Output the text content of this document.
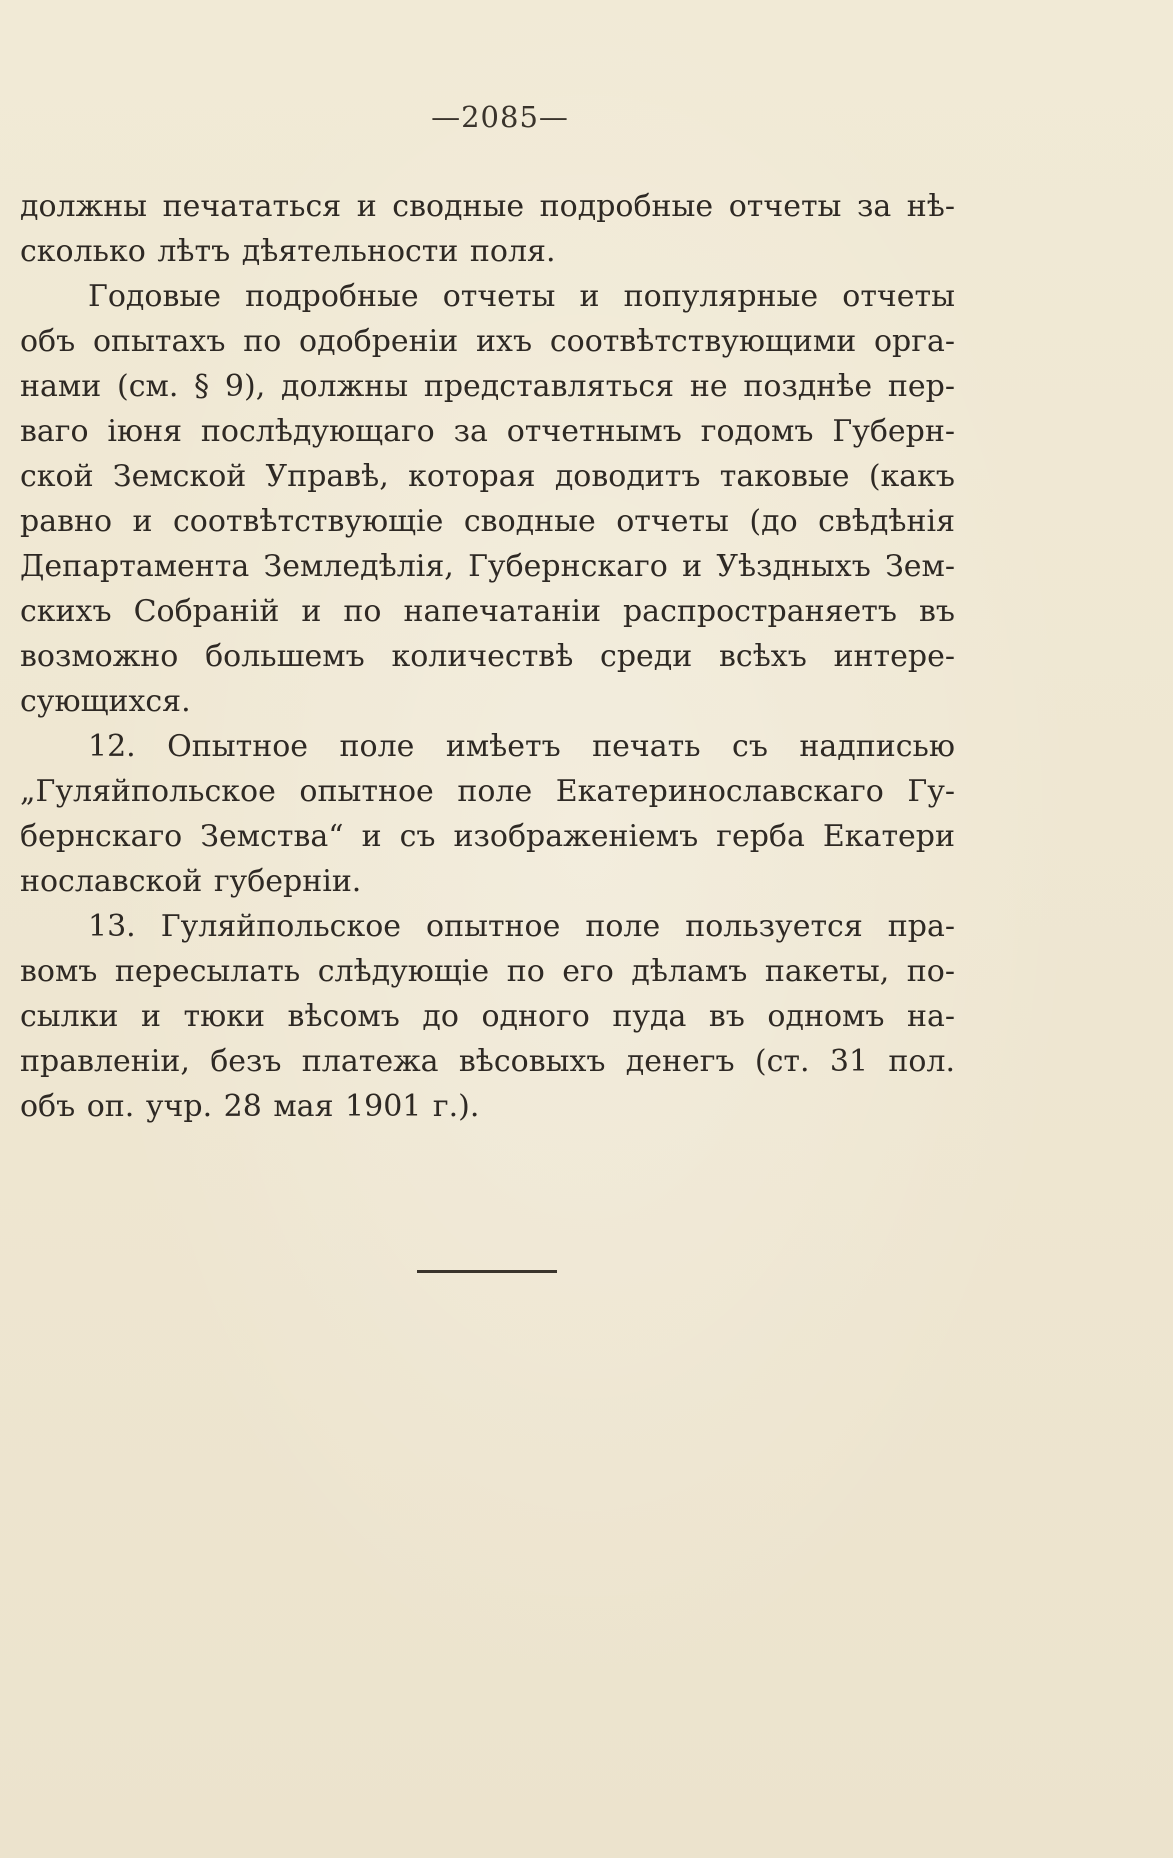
—2085—
должны печататься и сводные подробные отчеты за нѣ-
сколько лѣтъ дѣятельности поля.
Годовые подробные отчеты и популярные отчеты
объ опытахъ по одобреніи ихъ соотвѣтствующими орга-
нами (см. § 9), должны представляться не позднѣе пер-
ваго іюня послѣдующаго за отчетнымъ годомъ Губерн-
ской Земской Управѣ, которая доводитъ таковые (какъ
равно и соотвѣтствующіе сводные отчеты (до свѣдѣнія
Департамента Земледѣлія, Губернскаго и Уѣздныхъ Зем-
скихъ Собраній и по напечатаніи распространяетъ въ
возможно большемъ количествѣ среди всѣхъ интере-
сующихся.
12. Опытное поле имѣетъ печать съ надписью
„Гуляйпольское опытное поле Екатеринославскаго Гу-
бернскаго Земства“ и съ изображеніемъ герба Екатери
нославской губерніи.
13. Гуляйпольское опытное поле пользуется пра-
вомъ пересылать слѣдующіе по его дѣламъ пакеты, по-
сылки и тюки вѣсомъ до одного пуда въ одномъ на-
правленіи, безъ платежа вѣсовыхъ денегъ (ст. 31 пол.
объ оп. учр. 28 мая 1901 г.).
